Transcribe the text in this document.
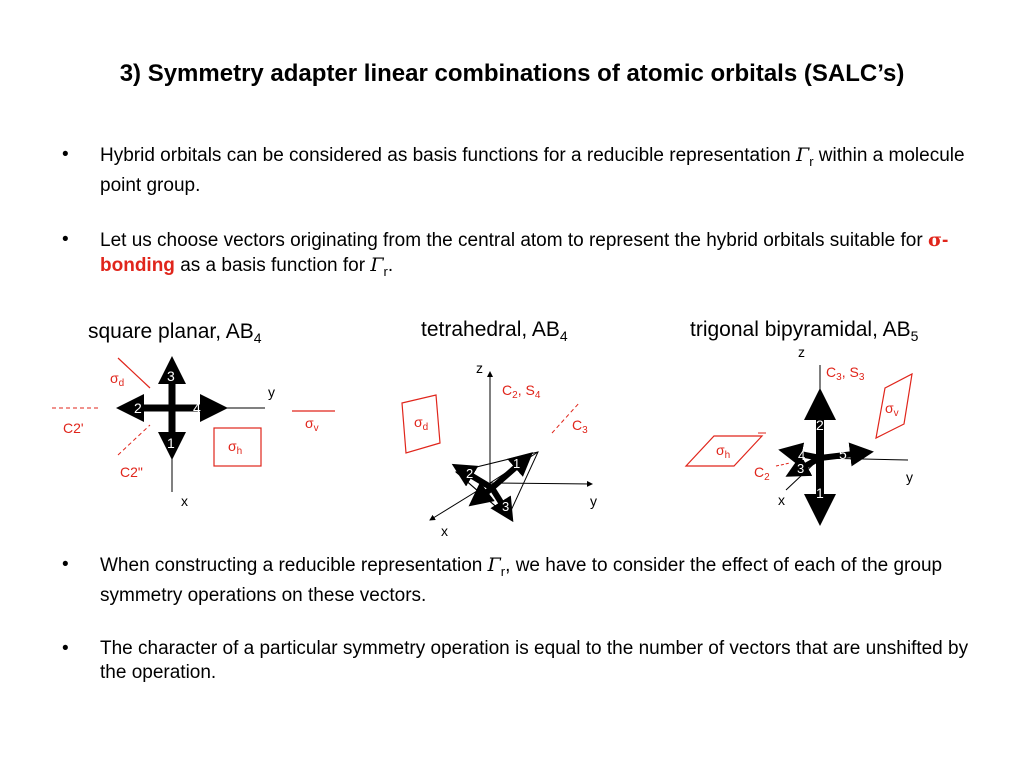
3) Symmetry adapter linear combinations of atomic orbitals (SALC’s)
• Hybrid orbitals can be considered as basis functions for a reducible representation $\Gamma_r$ within a molecule point group.
• Let us choose vectors originating from the central atom to represent the hybrid orbitals suitable for σ-bonding as a basis function for $\Gamma_r$.
square planar, $AB_4$	tetrahedral, $AB_4$	trigonal bipyramidal, $AB_5$
3
1
2	4
y
x
$\sigma_d$
C2'
C2"
$\sigma_h$
$\sigma_v$
z
y
x
1
2
3
$C_2$, $S_4$
$C_3$
$\sigma_d$
z
y
x
2
1
5
4
3
$C_3$, $S_3$
$C_2$
$\sigma_v$
$\sigma_h$
• When constructing a reducible representation $\Gamma_r$, we have to consider the effect of each of the group symmetry operations on these vectors.
• The character of a particular symmetry operation is equal to the number of vectors that are unshifted by the operation.
